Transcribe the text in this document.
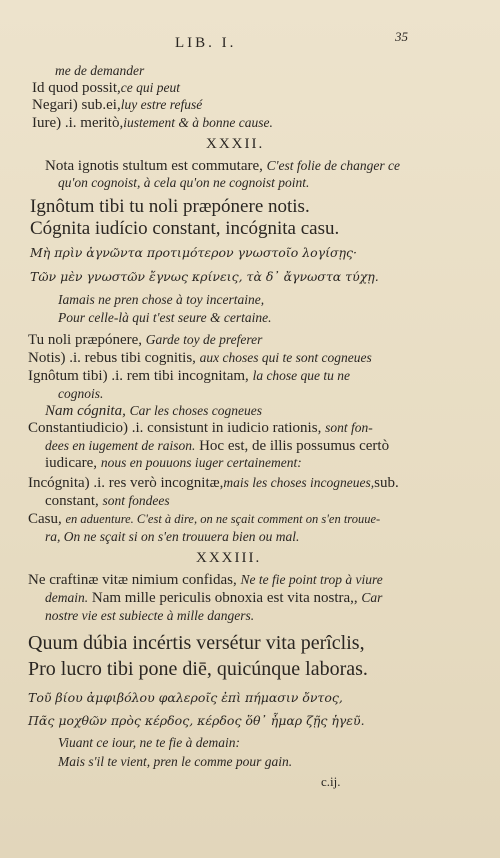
LIB. I.	35
me de demander
Id quod possit,ce qui peut
Negari) sub.ei,luy estre refusé
Iure) .i. meritò,iustement & à bonne cause.
XXXII.
Nota ignotis stultum est commutare, C'est folie de changer ce
qu'on cognoist, à cela qu'on ne cognoist point.
Ignôtum tibi tu noli præpónere notis.
Cógnita iudício constant, incógnita casu.
Μὴ πρὶν ἀγνῶντα προτιμότερον γνωστοῖο λογίσῃς·
Τῶν μὲν γνωστῶν ἔγνως κρίνεις, τὰ δ᾽ ἄγνωστα τύχῃ.
Iamais ne pren chose à toy incertaine,
Pour celle-là qui t'est seure & certaine.
Tu noli præpónere, Garde toy de preferer
Notis) .i. rebus tibi cognitis, aux choses qui te sont cogneues
Ignôtum tibi) .i. rem tibi incognitam, la chose que tu ne
cognois.
Nam cógnita, Car les choses cogneues
Constantiudicio) .i. consistunt in iudicio rationis, sont fon-
dees en iugement de raison. Hoc est, de illis possumus certò
iudicare, nous en pouuons iuger certainement:
Incógnita) .i. res verò incognitæ,mais les choses incogneues,sub.
constant, sont fondees
Casu, en aduenture. C'est à dire, on ne sçait comment on s'en trouue-
ra, On ne sçait si on s'en trouuera bien ou mal.
XXXIII.
Ne craftinæ vitæ nimium confidas, Ne te fie point trop à viure
demain. Nam mille periculis obnoxia est vita nostra,, Car
nostre vie est subiecte à mille dangers.
Quum dúbia incértis versétur vita perîclis,
Pro lucro tibi pone diē, quicúnque laboras.
Τοῦ βίου ἀμφιβόλου φαλεροῖς ἐπὶ πήμασιν ὄντος,
Πᾶς μοχθῶν πρὸς κέρδος, κέρδος ὅθ᾽ ἦμαρ ζῇς ἡγεῦ.
Viuant ce iour, ne te fie à demain:
Mais s'il te vient, pren le comme pour gain.
c.ij.
